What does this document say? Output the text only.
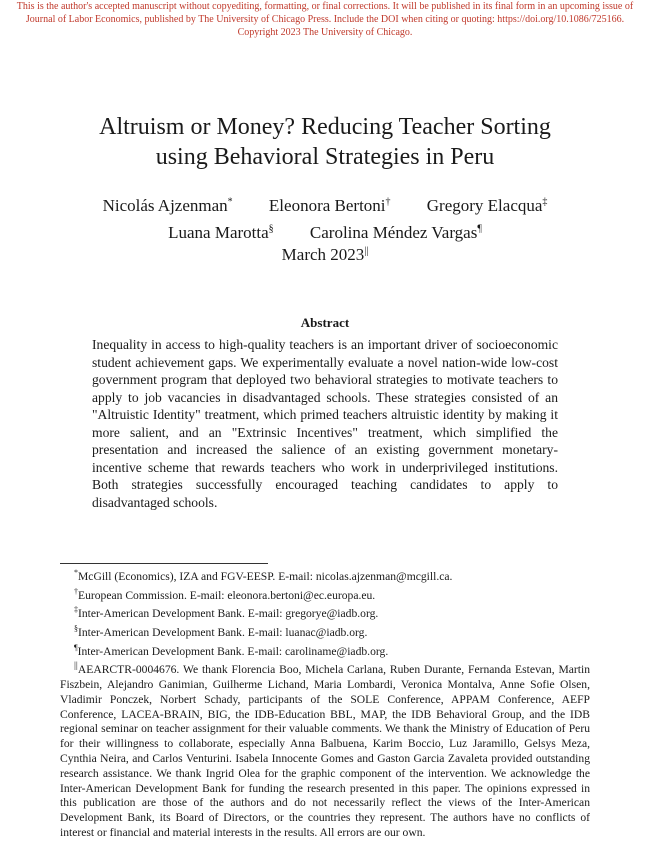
This is the author's accepted manuscript without copyediting, formatting, or final corrections. It will be published in its final form in an upcoming issue of Journal of Labor Economics, published by The University of Chicago Press. Include the DOI when citing or quoting: https://doi.org/10.1086/725166. Copyright 2023 The University of Chicago.
Altruism or Money? Reducing Teacher Sorting
using Behavioral Strategies in Peru
Nicolás Ajzenman* Eleonora Bertoni† Gregory Elacqua‡
Luana Marotta§ Carolina Méndez Vargas¶
March 2023||
Abstract
Inequality in access to high-quality teachers is an important driver of socioeconomic student achievement gaps. We experimentally evaluate a novel nation-wide low-cost government program that deployed two behavioral strategies to motivate teachers to apply to job vacancies in disadvantaged schools. These strategies consisted of an "Altruistic Identity" treatment, which primed teachers altruistic identity by making it more salient, and an "Extrinsic Incentives" treatment, which simplified the presentation and increased the salience of an existing government monetary-incentive scheme that rewards teachers who work in underprivileged institutions. Both strategies successfully encouraged teaching candidates to apply to disadvantaged schools.

*McGill (Economics), IZA and FGV-EESP. E-mail: nicolas.ajzenman@mcgill.ca.

†European Commission. E-mail: eleonora.bertoni@ec.europa.eu.

‡Inter-American Development Bank. E-mail: gregorye@iadb.org.

§Inter-American Development Bank. E-mail: luanac@iadb.org.

¶Inter-American Development Bank. E-mail: caroliname@iadb.org.

||AEARCTR-0004676. We thank Florencia Boo, Michela Carlana, Ruben Durante, Fernanda Estevan, Martin Fiszbein, Alejandro Ganimian, Guilherme Lichand, Maria Lombardi, Veronica Montalva, Anne Sofie Olsen, Vladimir Ponczek, Norbert Schady, participants of the SOLE Conference, APPAM Conference, AEFP Conference, LACEA-BRAIN, BIG, the IDB-Education BBL, MAP, the IDB Behavioral Group, and the IDB regional seminar on teacher assignment for their valuable comments. We thank the Ministry of Education of Peru for their willingness to collaborate, especially Anna Balbuena, Karim Boccio, Luz Jaramillo, Gelsys Meza, Cynthia Neira, and Carlos Venturini. Isabela Innocente Gomes and Gaston Garcia Zavaleta provided outstanding research assistance. We thank Ingrid Olea for the graphic component of the intervention. We acknowledge the Inter-American Development Bank for funding the research presented in this paper. The opinions expressed in this publication are those of the authors and do not necessarily reflect the views of the Inter-American Development Bank, its Board of Directors, or the countries they represent. The authors have no conflicts of interest or financial and material interests in the results. All errors are our own.
